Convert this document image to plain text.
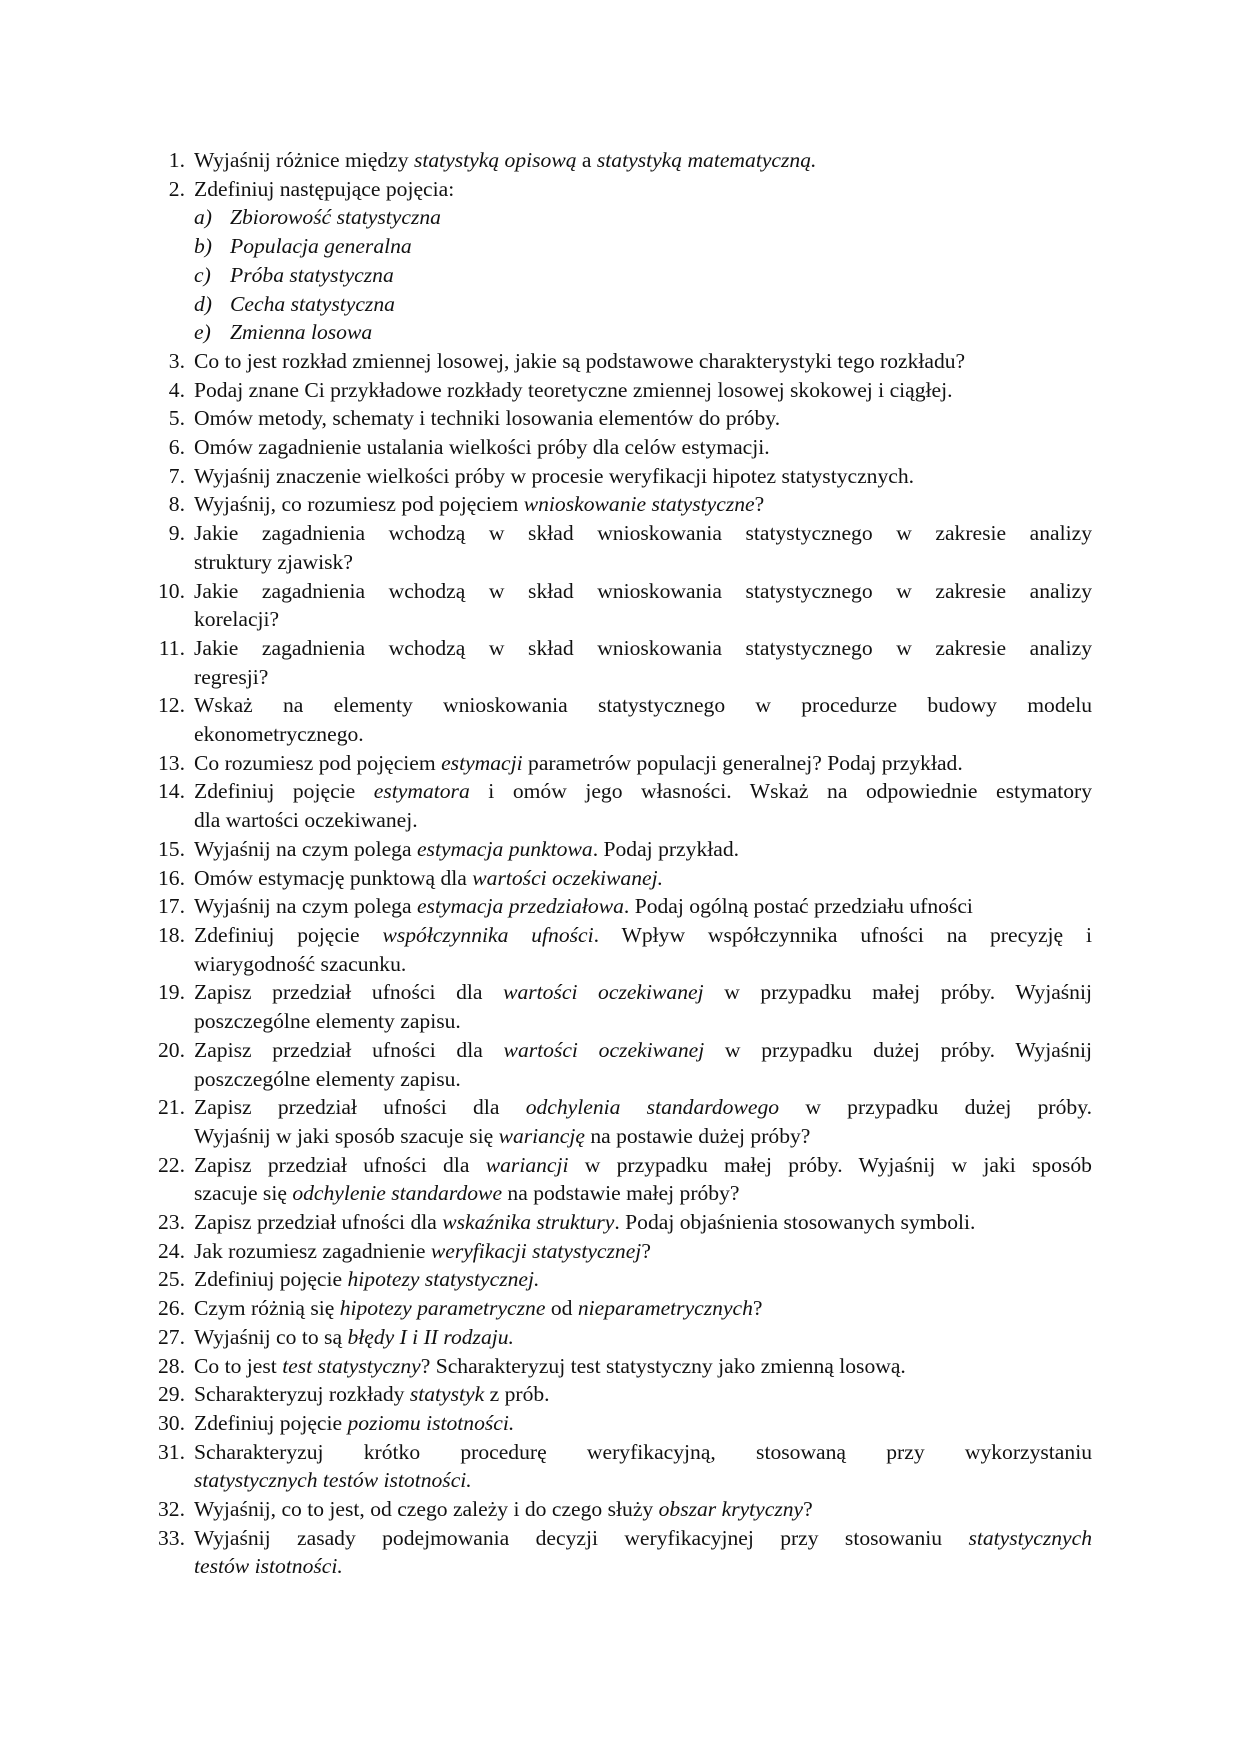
1. Wyjaśnij różnice między statystyką opisową a statystyką matematyczną.
2. Zdefiniuj następujące pojęcia:
a) Zbiorowość statystyczna
b) Populacja generalna
c) Próba statystyczna
d) Cecha statystyczna
e) Zmienna losowa
3. Co to jest rozkład zmiennej losowej, jakie są podstawowe charakterystyki tego rozkładu?
4. Podaj znane Ci przykładowe rozkłady teoretyczne zmiennej losowej skokowej i ciągłej.
5. Omów metody, schematy i techniki losowania elementów do próby.
6. Omów zagadnienie ustalania wielkości próby dla celów estymacji.
7. Wyjaśnij znaczenie wielkości próby w procesie weryfikacji hipotez statystycznych.
8. Wyjaśnij, co rozumiesz pod pojęciem wnioskowanie statystyczne?
9. Jakie zagadnienia wchodzą w skład wnioskowania statystycznego w zakresie analizy
struktury zjawisk?
10. Jakie zagadnienia wchodzą w skład wnioskowania statystycznego w zakresie analizy
korelacji?
11. Jakie zagadnienia wchodzą w skład wnioskowania statystycznego w zakresie analizy
regresji?
12. Wskaż na elementy wnioskowania statystycznego w procedurze budowy modelu
ekonometrycznego.
13. Co rozumiesz pod pojęciem estymacji parametrów populacji generalnej? Podaj przykład.
14. Zdefiniuj pojęcie estymatora i omów jego własności. Wskaż na odpowiednie estymatory
dla wartości oczekiwanej.
15. Wyjaśnij na czym polega estymacja punktowa. Podaj przykład.
16. Omów estymację punktową dla wartości oczekiwanej.
17. Wyjaśnij na czym polega estymacja przedziałowa. Podaj ogólną postać przedziału ufności
18. Zdefiniuj pojęcie współczynnika ufności. Wpływ współczynnika ufności na precyzję i
wiarygodność szacunku.
19. Zapisz przedział ufności dla wartości oczekiwanej w przypadku małej próby. Wyjaśnij
poszczególne elementy zapisu.
20. Zapisz przedział ufności dla wartości oczekiwanej w przypadku dużej próby. Wyjaśnij
poszczególne elementy zapisu.
21. Zapisz przedział ufności dla odchylenia standardowego w przypadku dużej próby.
Wyjaśnij w jaki sposób szacuje się wariancję na postawie dużej próby?
22. Zapisz przedział ufności dla wariancji w przypadku małej próby. Wyjaśnij w jaki sposób
szacuje się odchylenie standardowe na podstawie małej próby?
23. Zapisz przedział ufności dla wskaźnika struktury. Podaj objaśnienia stosowanych symboli.
24. Jak rozumiesz zagadnienie weryfikacji statystycznej?
25. Zdefiniuj pojęcie hipotezy statystycznej.
26. Czym różnią się hipotezy parametryczne od nieparametrycznych?
27. Wyjaśnij co to są błędy I i II rodzaju.
28. Co to jest test statystyczny? Scharakteryzuj test statystyczny jako zmienną losową.
29. Scharakteryzuj rozkłady statystyk z prób.
30. Zdefiniuj pojęcie poziomu istotności.
31. Scharakteryzuj krótko procedurę weryfikacyjną, stosowaną przy wykorzystaniu
statystycznych testów istotności.
32. Wyjaśnij, co to jest, od czego zależy i do czego służy obszar krytyczny?
33. Wyjaśnij zasady podejmowania decyzji weryfikacyjnej przy stosowaniu statystycznych
testów istotności.
